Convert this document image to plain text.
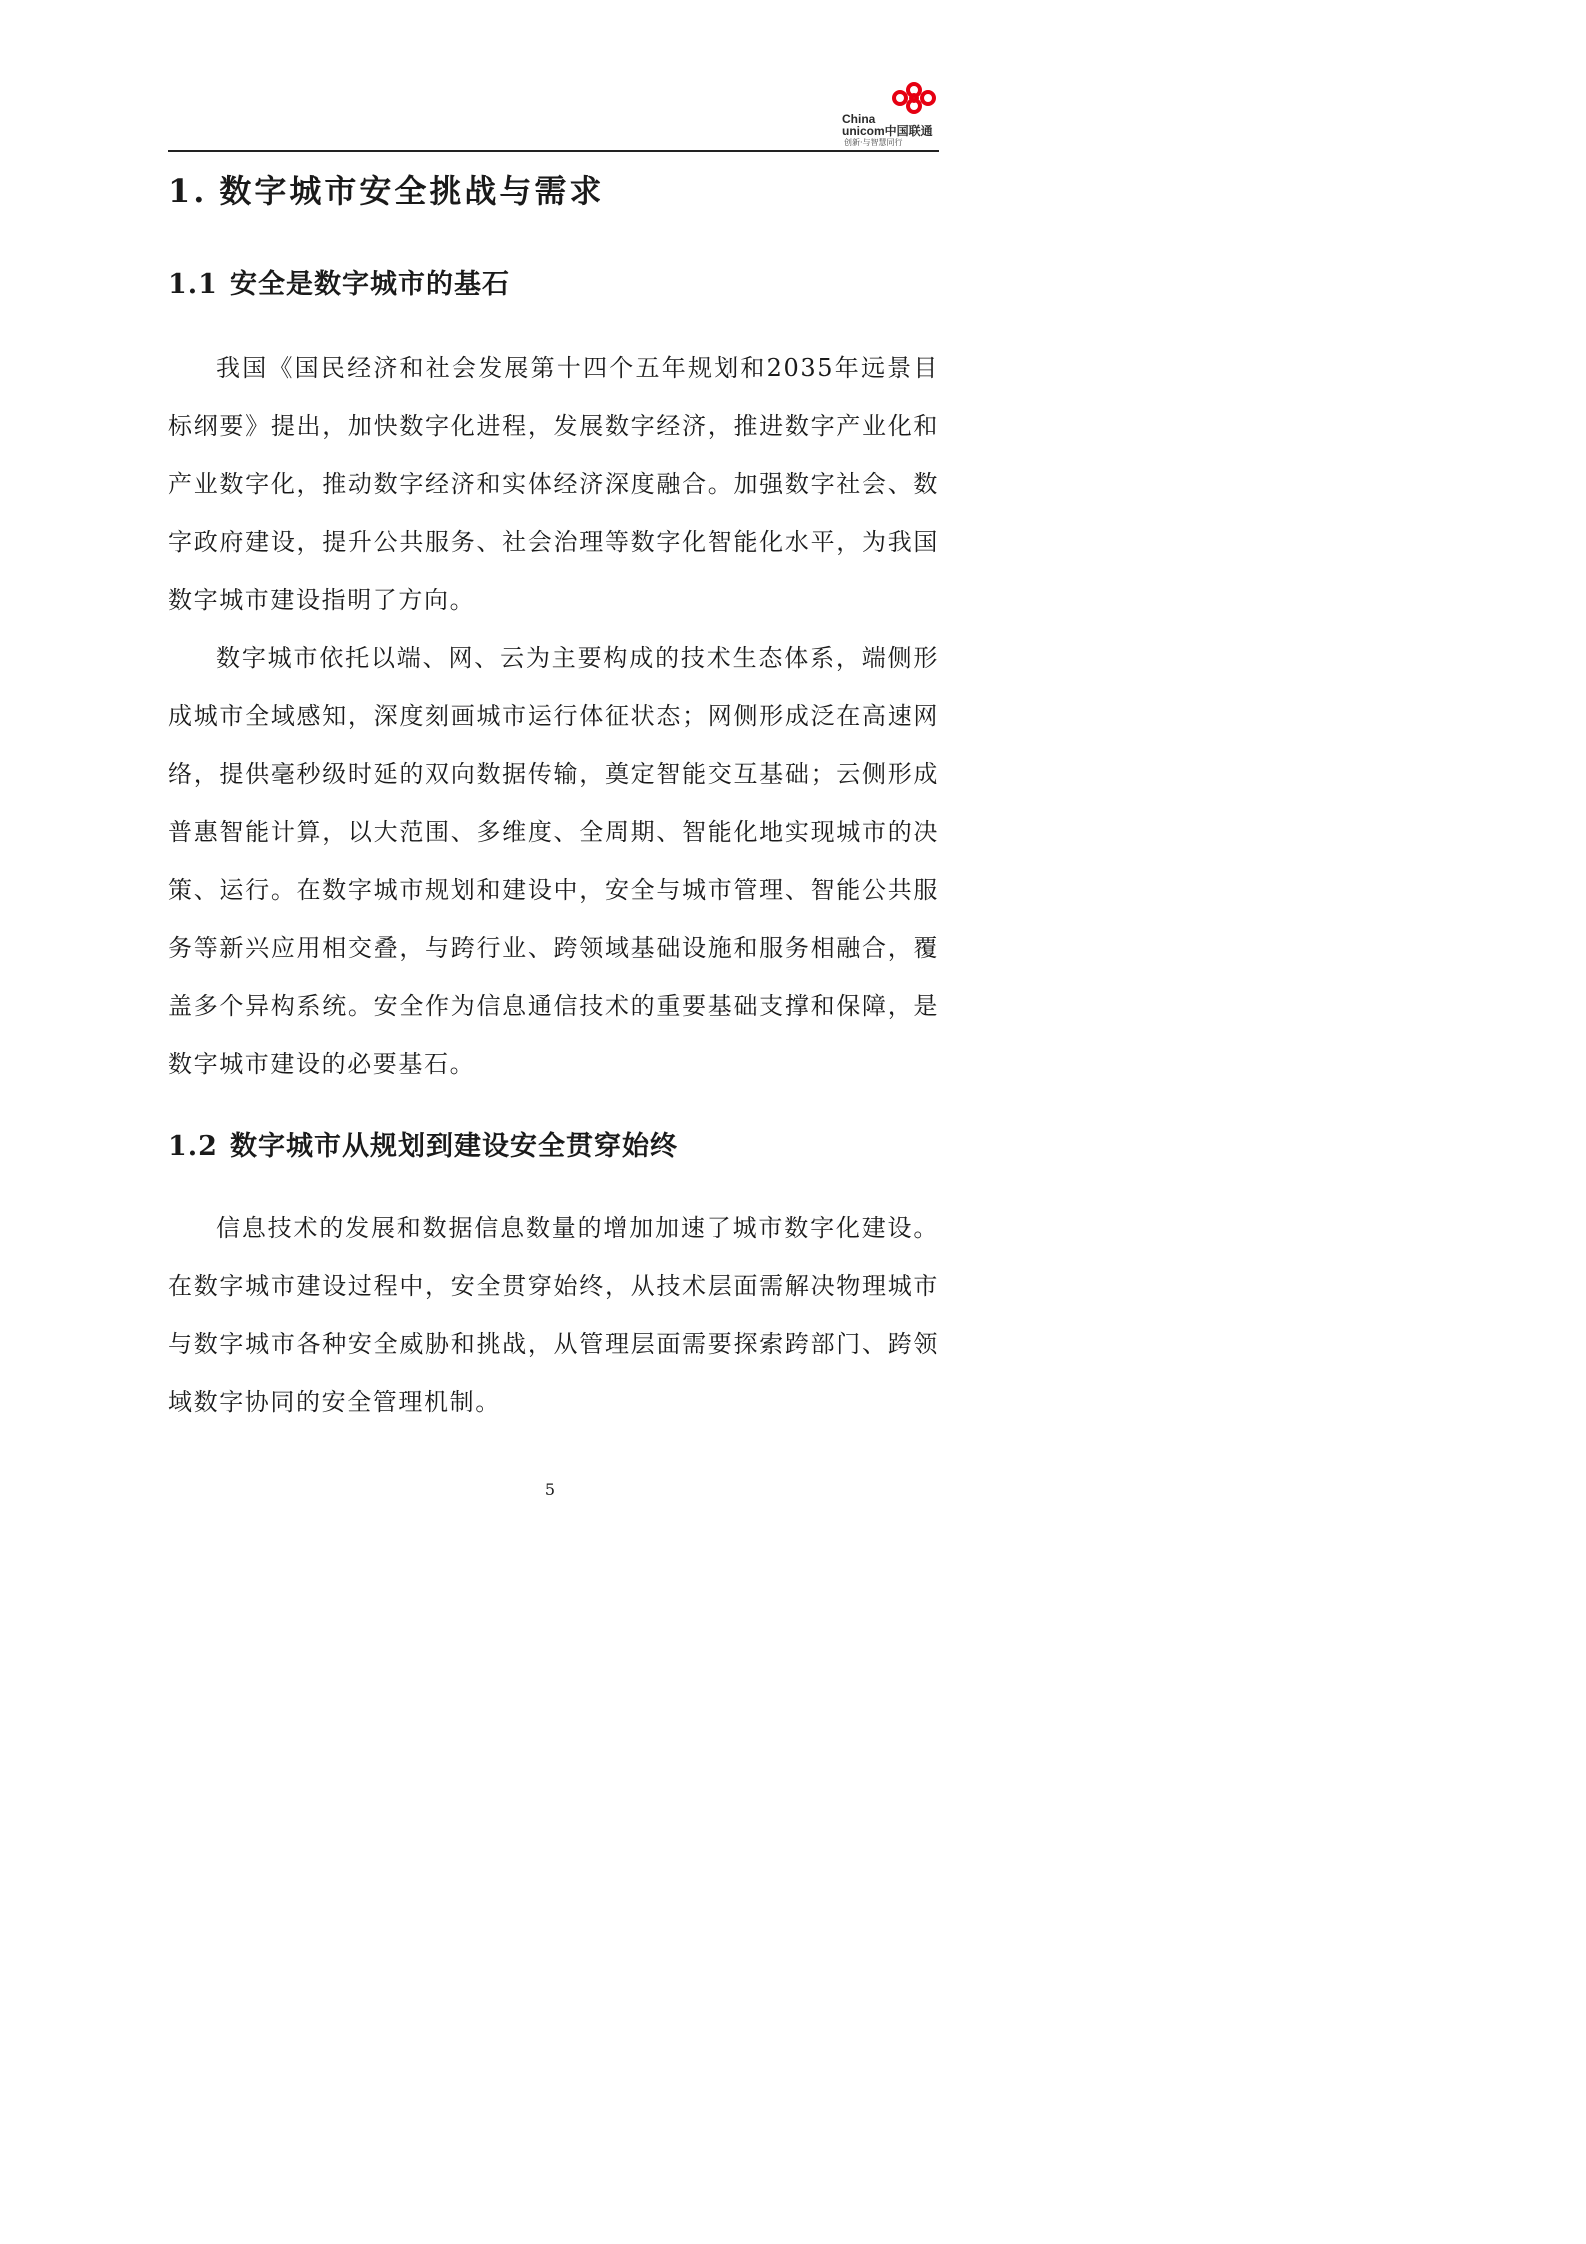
China
unicom中国联通
创新·与智慧同行
1. 数字城市安全挑战与需求
1.1 安全是数字城市的基石

我国《国民经济和社会发展第十四个五年规划和2035年远景目标纲要》提出，加快数字化进程，发展数字经济，推进数字产业化和产业数字化，推动数字经济和实体经济深度融合。加强数字社会、数字政府建设，提升公共服务、社会治理等数字化智能化水平，为我国数字城市建设指明了方向。

数字城市依托以端、网、云为主要构成的技术生态体系，端侧形成城市全域感知，深度刻画城市运行体征状态；网侧形成泛在高速网络，提供毫秒级时延的双向数据传输，奠定智能交互基础；云侧形成普惠智能计算，以大范围、多维度、全周期、智能化地实现城市的决策、运行。在数字城市规划和建设中，安全与城市管理、智能公共服务等新兴应用相交叠，与跨行业、跨领域基础设施和服务相融合，覆盖多个异构系统。安全作为信息通信技术的重要基础支撑和保障，是数字城市建设的必要基石。

1.2 数字城市从规划到建设安全贯穿始终

信息技术的发展和数据信息数量的增加加速了城市数字化建设。在数字城市建设过程中，安全贯穿始终，从技术层面需解决物理城市与数字城市各种安全威胁和挑战，从管理层面需要探索跨部门、跨领域数字协同的安全管理机制。

5
